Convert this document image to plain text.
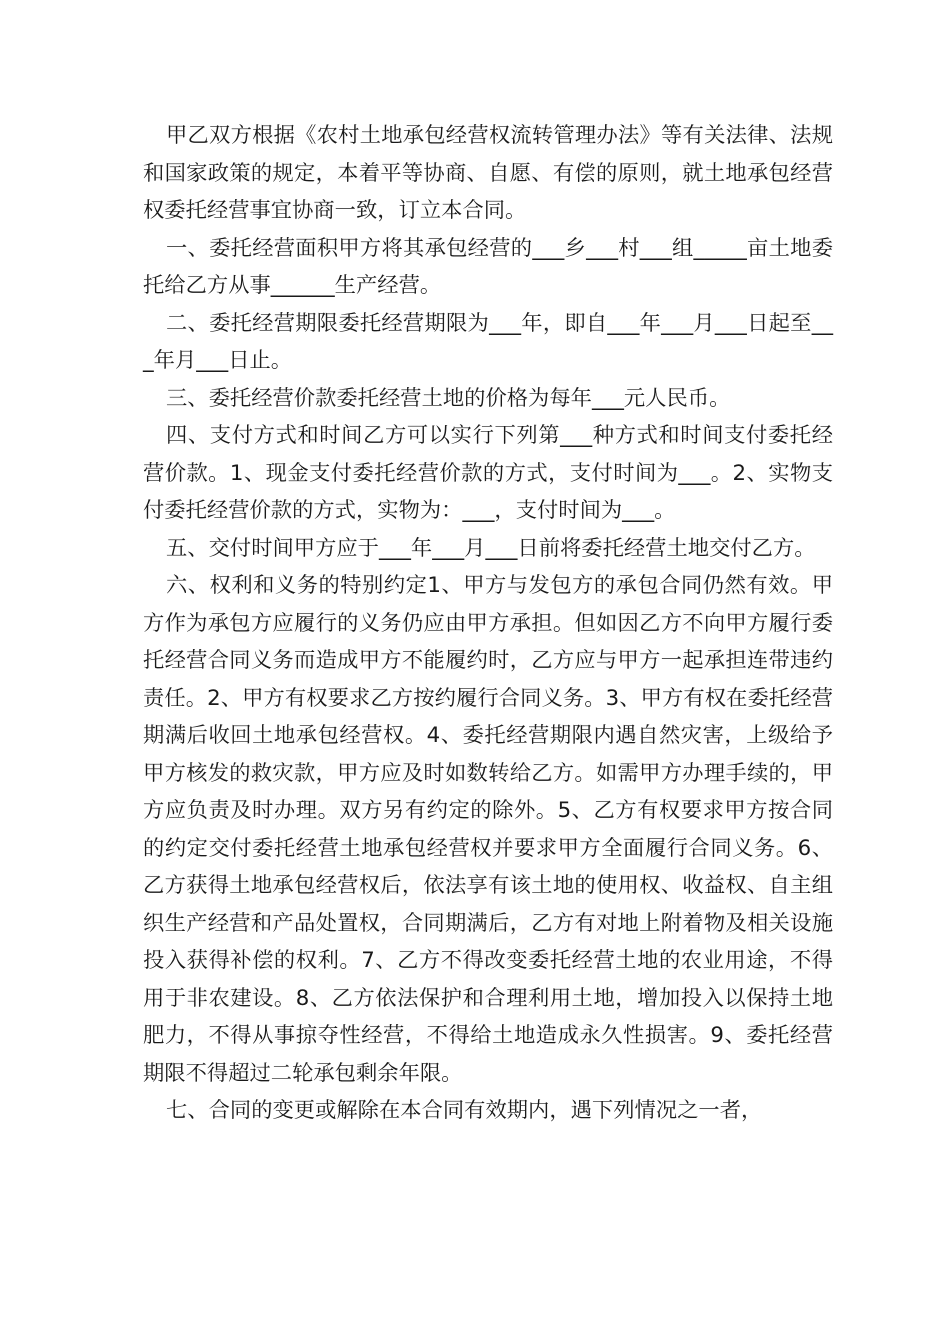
甲乙双方根据《农村土地承包经营权流转管理办法》等有关法律、法规和国家政策的规定，本着平等协商、自愿、有偿的原则，就土地承包经营权委托经营事宜协商一致，订立本合同。

一、委托经营面积甲方将其承包经营的___乡___村___组_____亩土地委托给乙方从事______生产经营。

二、委托经营期限委托经营期限为___年，即自___年___月___日起至___年月___日止。

三、委托经营价款委托经营土地的价格为每年___元人民币。

四、支付方式和时间乙方可以实行下列第___种方式和时间支付委托经营价款。1、现金支付委托经营价款的方式，支付时间为___。2、实物支付委托经营价款的方式，实物为：___，支付时间为___。

五、交付时间甲方应于___年___月___日前将委托经营土地交付乙方。

六、权利和义务的特别约定1、甲方与发包方的承包合同仍然有效。甲方作为承包方应履行的义务仍应由甲方承担。但如因乙方不向甲方履行委托经营合同义务而造成甲方不能履约时，乙方应与甲方一起承担连带违约责任。2、甲方有权要求乙方按约履行合同义务。3、甲方有权在委托经营期满后收回土地承包经营权。4、委托经营期限内遇自然灾害，上级给予甲方核发的救灾款，甲方应及时如数转给乙方。如需甲方办理手续的，甲方应负责及时办理。双方另有约定的除外。5、乙方有权要求甲方按合同的约定交付委托经营土地承包经营权并要求甲方全面履行合同义务。6、乙方获得土地承包经营权后，依法享有该土地的使用权、收益权、自主组织生产经营和产品处置权，合同期满后，乙方有对地上附着物及相关设施投入获得补偿的权利。7、乙方不得改变委托经营土地的农业用途，不得用于非农建设。8、乙方依法保护和合理利用土地，增加投入以保持土地肥力，不得从事掠夺性经营，不得给土地造成永久性损害。9、委托经营期限不得超过二轮承包剩余年限。

七、合同的变更或解除在本合同有效期内，遇下列情况之一者，
